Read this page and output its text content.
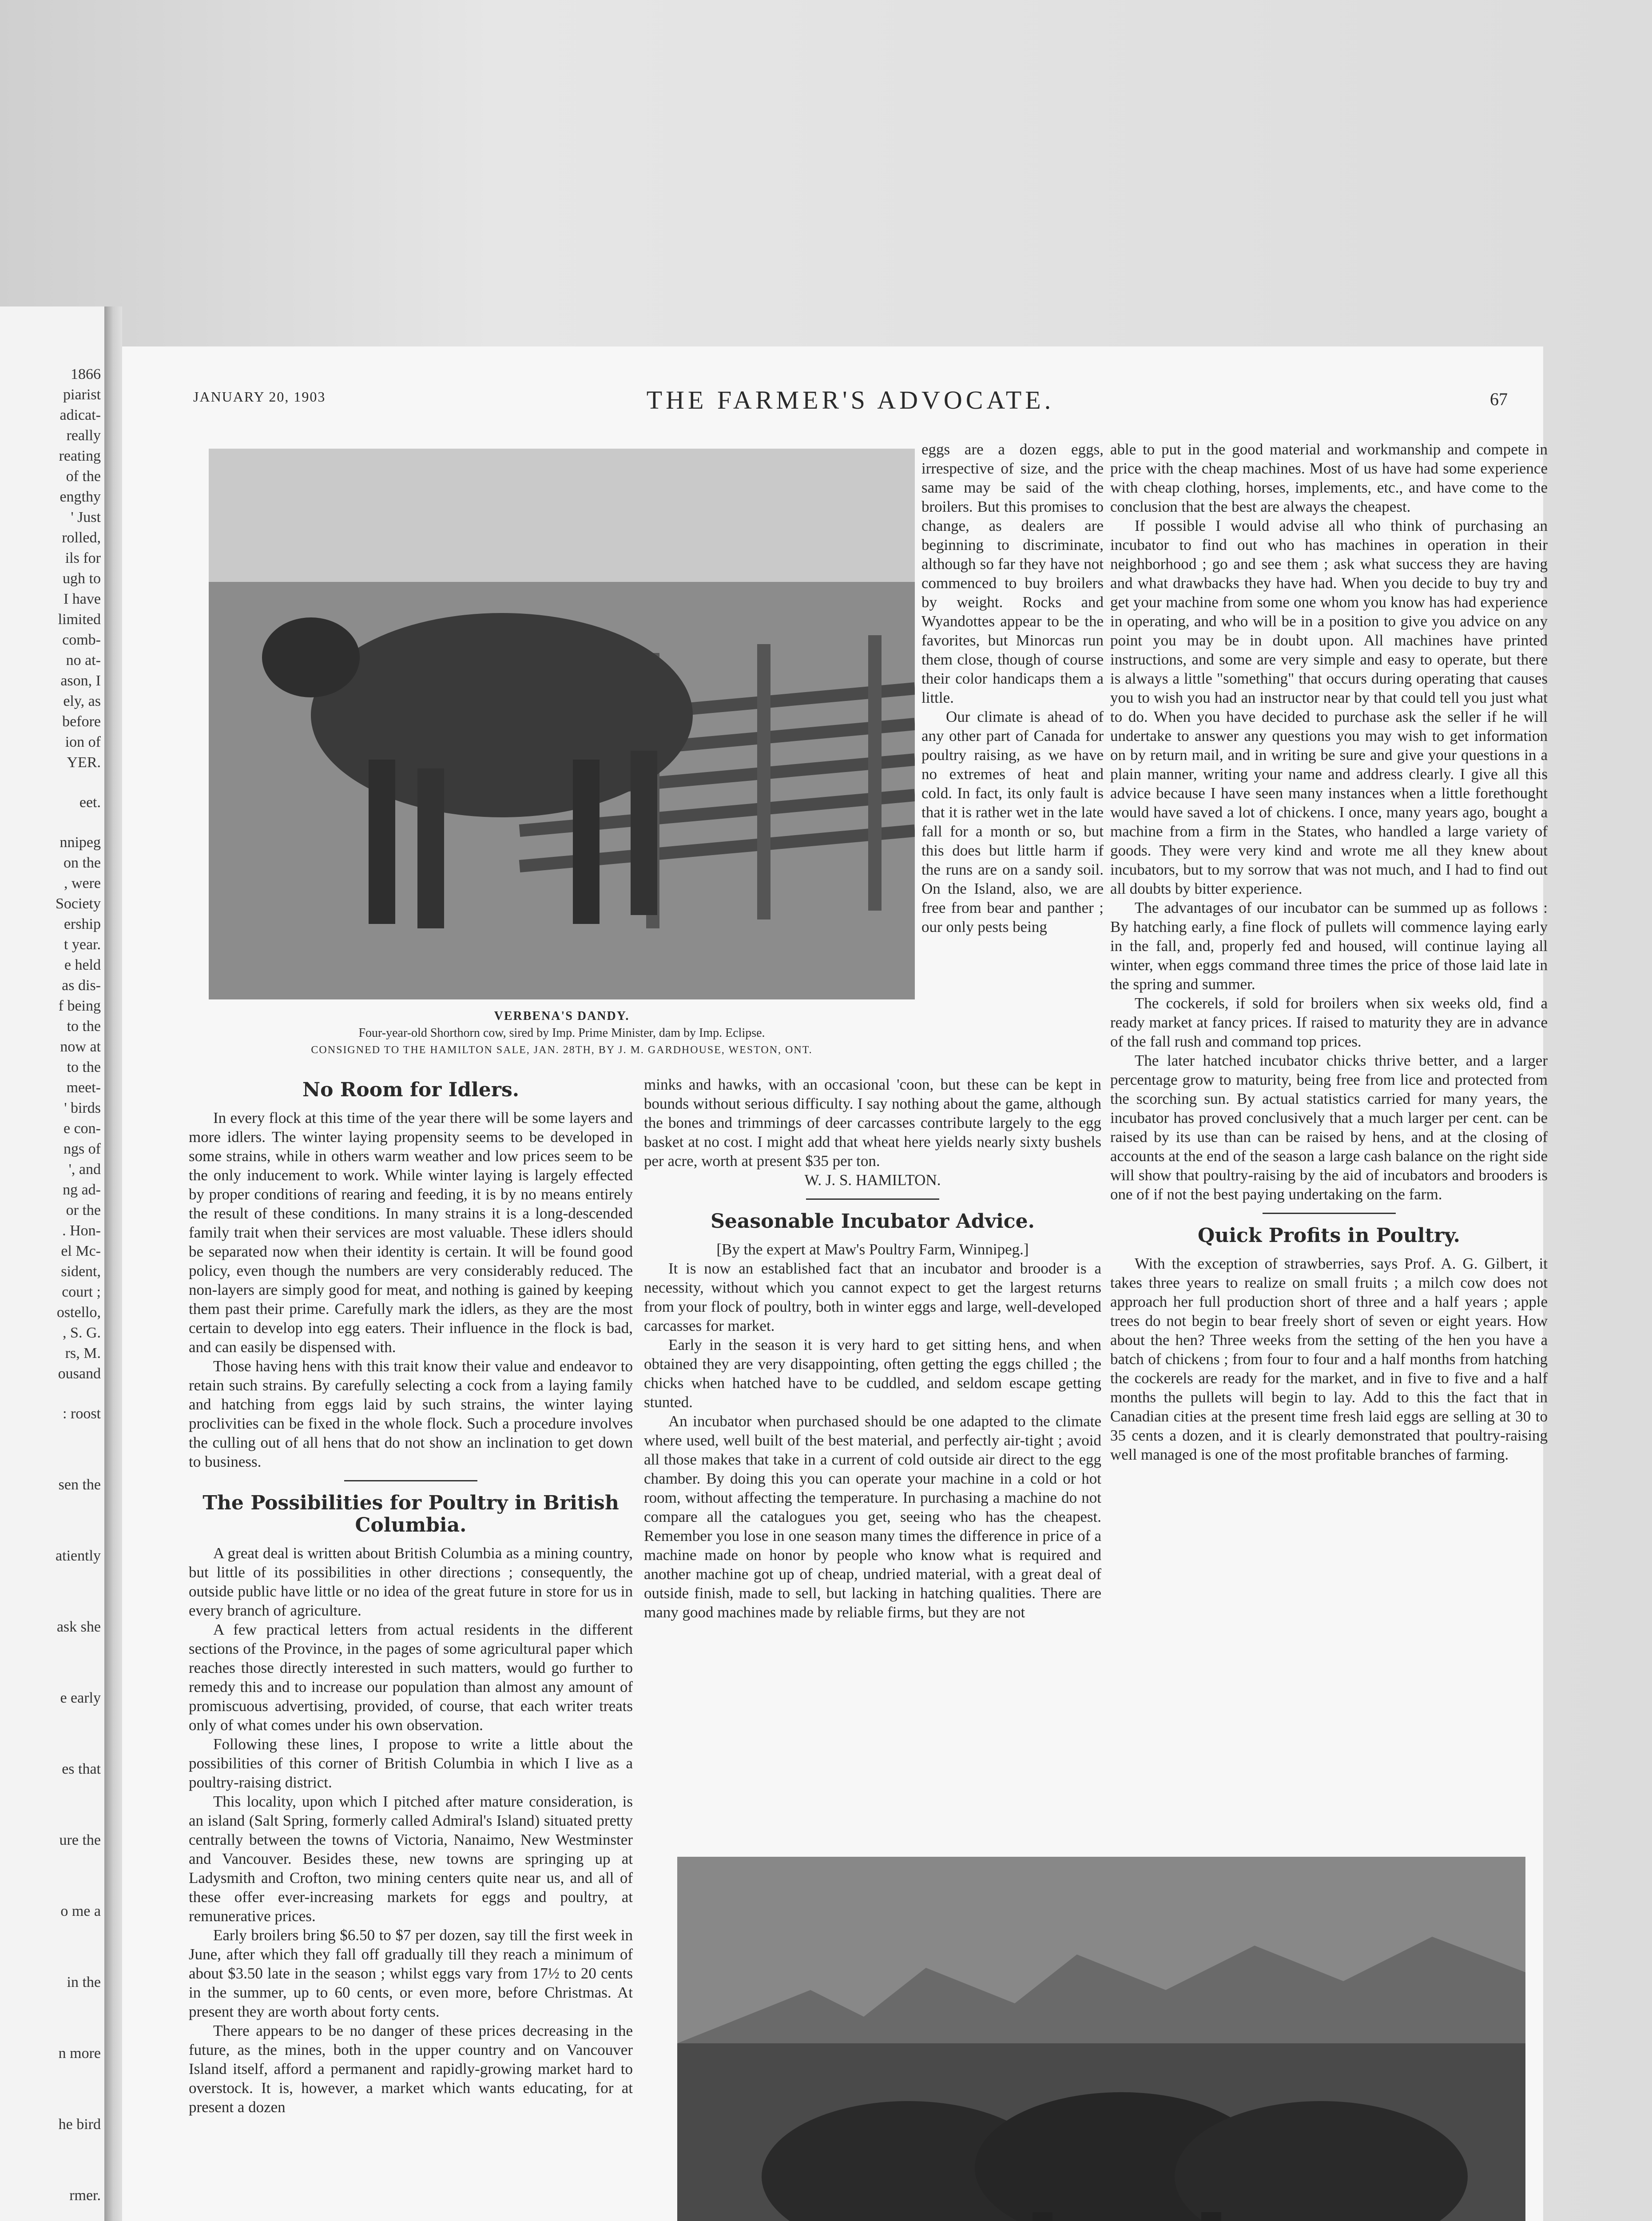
1866
piarist
adicat-
really
reating
of the
engthy
' Just
rolled,
ils for
ugh to
I have
limited
comb-
no at-
ason, I
ely, as
before
ion of
YER.
eet.
nnipeg
on the
, were
Society
ership
t year.
e held
as dis-
f being
to the
now at
to the
meet-
' birds
e con-
ngs of
', and
ng ad-
or the
. Hon-
el Mc-
sident,
court ;
ostello,
, S. G.
rs, M.
ousand
: roost
sen the
atiently
ask she
e early
es that
ure the
o me a
in the
n more
he bird
rmer.
JANUARY 20, 1903	THE FARMER'S ADVOCATE.	67
VERBENA'S DANDY.
Four-year-old Shorthorn cow, sired by Imp. Prime Minister, dam by Imp. Eclipse.
CONSIGNED TO THE HAMILTON SALE, JAN. 28TH, BY J. M. GARDHOUSE, WESTON, ONT.
No Room for Idlers.

In every flock at this time of the year there will be some layers and more idlers. The winter laying propensity seems to be developed in some strains, while in others warm weather and low prices seem to be the only inducement to work. While winter laying is largely effected by proper conditions of rearing and feeding, it is by no means entirely the result of these conditions. In many strains it is a long-descended family trait when their services are most valuable. These idlers should be separated now when their identity is certain. It will be found good policy, even though the numbers are very considerably reduced. The non-layers are simply good for meat, and nothing is gained by keeping them past their prime. Carefully mark the idlers, as they are the most certain to develop into egg eaters. Their influence in the flock is bad, and can easily be dispensed with.

Those having hens with this trait know their value and endeavor to retain such strains. By carefully selecting a cock from a laying family and hatching from eggs laid by such strains, the winter laying proclivities can be fixed in the whole flock. Such a procedure involves the culling out of all hens that do not show an inclination to get down to business.

The Possibilities for Poultry in British Columbia.

A great deal is written about British Columbia as a mining country, but little of its possibilities in other directions ; consequently, the outside public have little or no idea of the great future in store for us in every branch of agriculture.

A few practical letters from actual residents in the different sections of the Province, in the pages of some agricultural paper which reaches those directly interested in such matters, would go further to remedy this and to increase our population than almost any amount of promiscuous advertising, provided, of course, that each writer treats only of what comes under his own observation.

Following these lines, I propose to write a little about the possibilities of this corner of British Columbia in which I live as a poultry-raising district.

This locality, upon which I pitched after mature consideration, is an island (Salt Spring, formerly called Admiral's Island) situated pretty centrally between the towns of Victoria, Nanaimo, New Westminster and Vancouver. Besides these, new towns are springing up at Ladysmith and Crofton, two mining centers quite near us, and all of these offer ever-increasing markets for eggs and poultry, at remunerative prices.

Early broilers bring $6.50 to $7 per dozen, say till the first week in June, after which they fall off gradually till they reach a minimum of about $3.50 late in the season ; whilst eggs vary from 17½ to 20 cents in the summer, up to 60 cents, or even more, before Christmas. At present they are worth about forty cents.

There appears to be no danger of these prices decreasing in the future, as the mines, both in the upper country and on Vancouver Island itself, afford a permanent and rapidly-growing market hard to overstock. It is, however, a market which wants educating, for at present a dozen

eggs are a dozen eggs, irrespective of size, and the same may be said of the broilers. But this promises to change, as dealers are beginning to discriminate, although so far they have not commenced to buy broilers by weight. Rocks and Wyandottes appear to be the favorites, but Minorcas run them close, though of course their color handicaps them a little.

Our climate is ahead of any other part of Canada for poultry raising, as we have no extremes of heat and cold. In fact, its only fault is that it is rather wet in the late fall for a month or so, but this does but little harm if the runs are on a sandy soil. On the Island, also, we are free from bear and panther ; our only pests being

minks and hawks, with an occasional 'coon, but these can be kept in bounds without serious difficulty. I say nothing about the game, although the bones and trimmings of deer carcasses contribute largely to the egg basket at no cost. I might add that wheat here yields nearly sixty bushels per acre, worth at present $35 per ton.

W. J. S. HAMILTON.

Seasonable Incubator Advice.

[By the expert at Maw's Poultry Farm, Winnipeg.]

It is now an established fact that an incubator and brooder is a necessity, without which you cannot expect to get the largest returns from your flock of poultry, both in winter eggs and large, well-developed carcasses for market.

Early in the season it is very hard to get sitting hens, and when obtained they are very disappointing, often getting the eggs chilled ; the chicks when hatched have to be cuddled, and seldom escape getting stunted.

An incubator when purchased should be one adapted to the climate where used, well built of the best material, and perfectly air-tight ; avoid all those makes that take in a current of cold outside air direct to the egg chamber. By doing this you can operate your machine in a cold or hot room, without affecting the temperature. In purchasing a machine do not compare all the catalogues you get, seeing who has the cheapest. Remember you lose in one season many times the difference in price of a machine made on honor by people who know what is required and another machine got up of cheap, undried material, with a great deal of outside finish, made to sell, but lacking in hatching qualities. There are many good machines made by reliable firms, but they are not

able to put in the good material and workmanship and compete in price with the cheap machines. Most of us have had some experience with cheap clothing, horses, implements, etc., and have come to the conclusion that the best are always the cheapest.

If possible I would advise all who think of purchasing an incubator to find out who has machines in operation in their neighborhood ; go and see them ; ask what success they are having and what drawbacks they have had. When you decide to buy try and get your machine from some one whom you know has had experience in operating, and who will be in a position to give you advice on any point you may be in doubt upon. All machines have printed instructions, and some are very simple and easy to operate, but there is always a little "something" that occurs during operating that causes you to wish you had an instructor near by that could tell you just what to do. When you have decided to purchase ask the seller if he will undertake to answer any questions you may wish to get information on by return mail, and in writing be sure and give your questions in a plain manner, writing your name and address clearly. I give all this advice because I have seen many instances when a little forethought would have saved a lot of chickens. I once, many years ago, bought a machine from a firm in the States, who handled a large variety of goods. They were very kind and wrote me all they knew about incubators, but to my sorrow that was not much, and I had to find out all doubts by bitter experience.

The advantages of our incubator can be summed up as follows : By hatching early, a fine flock of pullets will commence laying early in the fall, and, properly fed and housed, will continue laying all winter, when eggs command three times the price of those laid late in the spring and summer.

The cockerels, if sold for broilers when six weeks old, find a ready market at fancy prices. If raised to maturity they are in advance of the fall rush and command top prices.

The later hatched incubator chicks thrive better, and a larger percentage grow to maturity, being free from lice and protected from the scorching sun. By actual statistics carried for many years, the incubator has proved conclusively that a much larger per cent. can be raised by its use than can be raised by hens, and at the closing of accounts at the end of the season a large cash balance on the right side will show that poultry-raising by the aid of incubators and brooders is one of if not the best paying undertaking on the farm.

Quick Profits in Poultry.

With the exception of strawberries, says Prof. A. G. Gilbert, it takes three years to realize on small fruits ; a milch cow does not approach her full production short of three and a half years ; apple trees do not begin to bear freely short of seven or eight years. How about the hen? Three weeks from the setting of the hen you have a batch of chickens ; from four to four and a half months from hatching the cockerels are ready for the market, and in five to five and a half months the pullets will begin to lay. Add to this the fact that in Canadian cities at the present time fresh laid eggs are selling at 30 to 35 cents a dozen, and it is clearly demonstrated that poultry-raising well managed is one of the most profitable branches of farming.
